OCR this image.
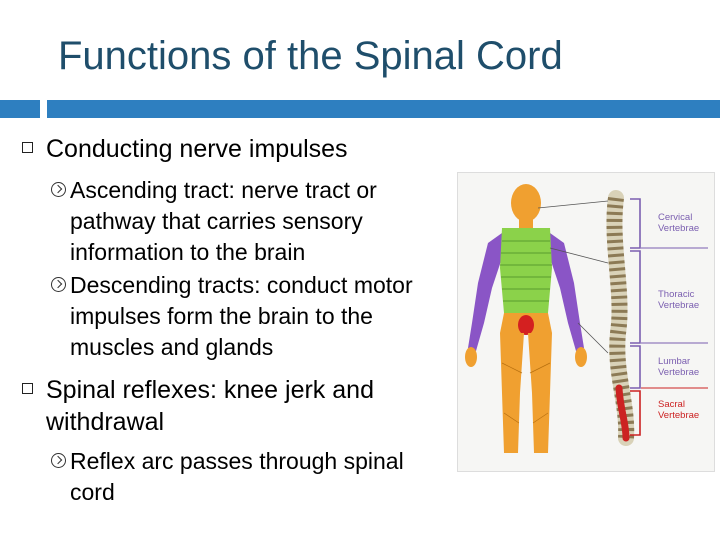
Functions of the Spinal Cord
Conducting nerve impulses
Ascending tract: nerve tract or pathway that carries sensory information to the brain
Descending tracts: conduct motor impulses form the brain to the muscles and glands
Spinal reflexes: knee jerk and withdrawal
Reflex arc passes through spinal cord
Cervical
Vertebrae
Thoracic
Vertebrae
Lumbar
Vertebrae
Sacral
Vertebrae
